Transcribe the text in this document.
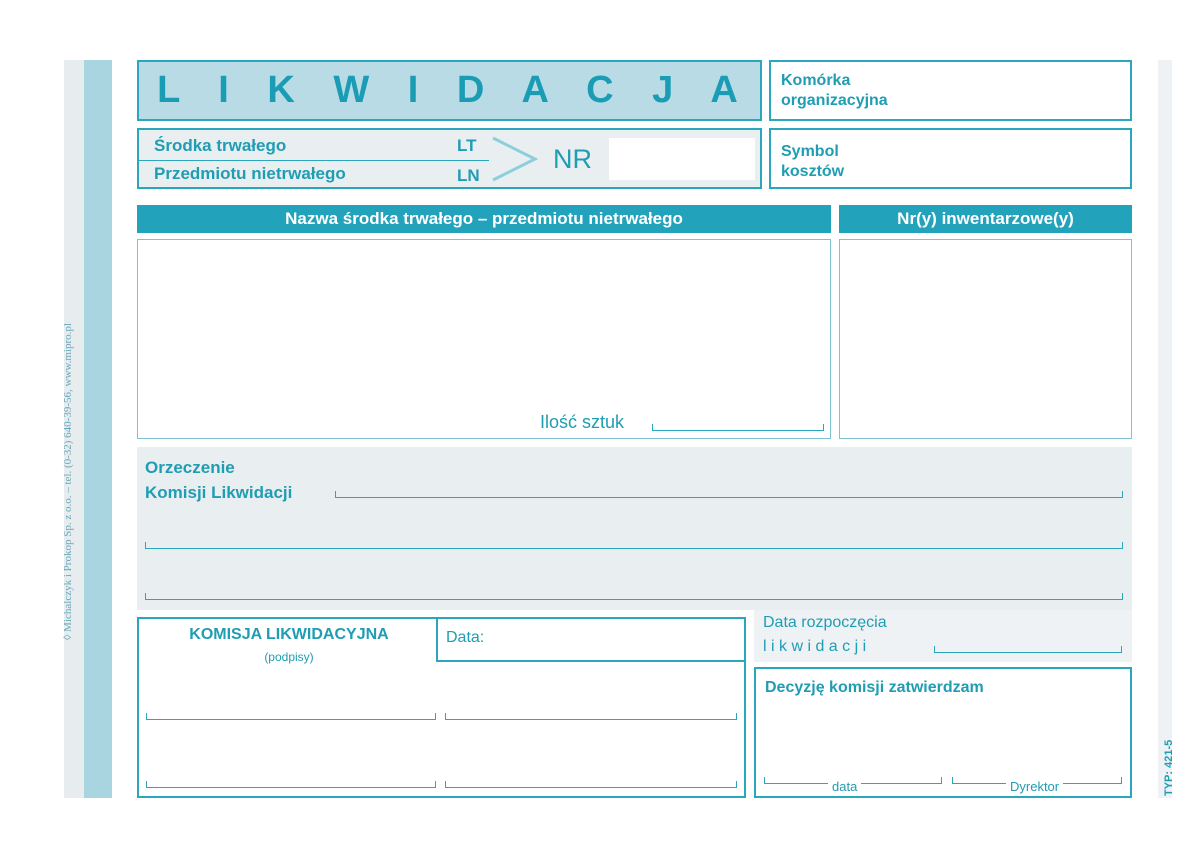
◊ Michalczyk i Prokop Sp. z o.o. – tel. (0-32) 640-39-56, www.mipro.pl
TYP: 421-5
L I K W I D A C J A Komórka organizacyjna
Środka trwałego	LT
Przedmiotu nietrwałego	LN
NR	Symbol kosztów
Nazwa środka trwałego – przedmiotu nietrwałego	Nr(y) inwentarzowe(y)
Ilość sztuk
Orzeczenie
Komisji Likwidacji
KOMISJA LIKWIDACYJNA
(podpisy)
Data:
Data rozpoczęcia
l i k w i d a c j i
Decyzję komisji zatwierdzam
data	Dyrektor
